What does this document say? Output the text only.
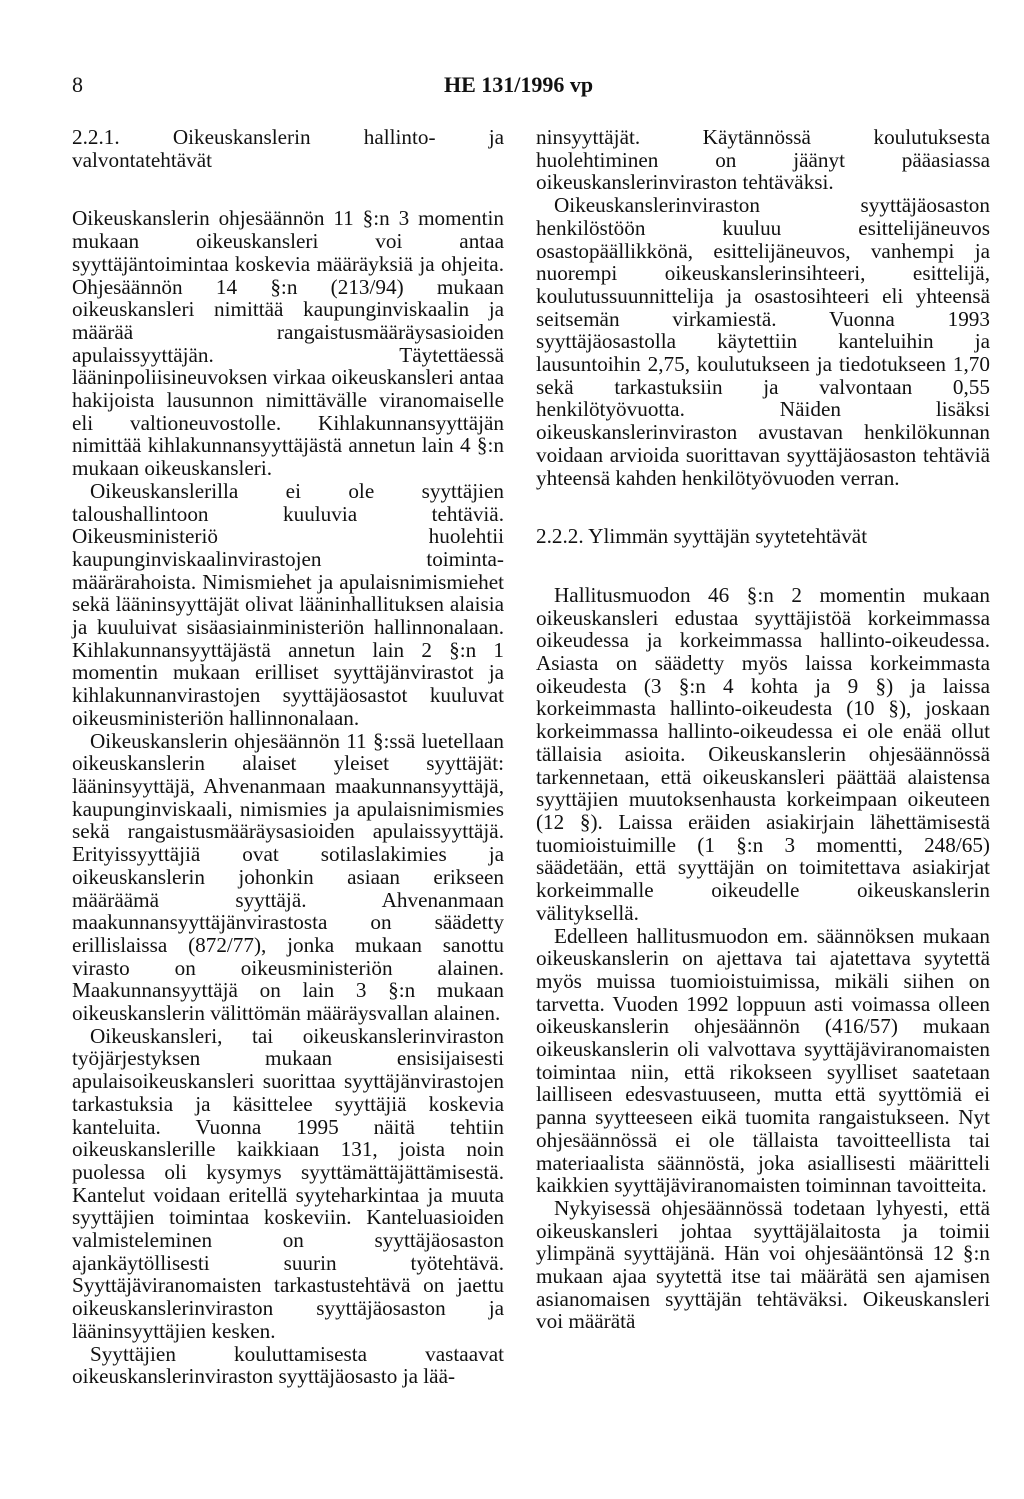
8	HE 131/1996 vp
2.2.1. Oikeuskanslerin hallinto- ja valvontatehtävät

Oikeuskanslerin ohjesäännön 11 §:n 3 momentin mukaan oikeuskansleri voi antaa syyttäjäntoimintaa koskevia määräyksiä ja ohjeita. Ohjesäännön 14 §:n (213/94) mukaan oikeuskansleri nimittää kaupunginviskaalin ja määrää rangaistusmääräysasioiden apulaissyyttäjän. Täytettäessä lääninpoliisineuvoksen virkaa oikeuskansleri antaa hakijoista lausunnon nimittävälle viranomaiselle eli valtioneuvostolle. Kihlakunnansyyttäjän nimittää kihlakunnansyyttäjästä annetun lain 4 §:n mukaan oikeuskansleri.

Oikeuskanslerilla ei ole syyttäjien taloushallintoon kuuluvia tehtäviä. Oikeusministeriö huolehtii kaupunginviskaalinvirastojen toiminta-määrärahoista. Nimismiehet ja apulaisnimismiehet sekä lääninsyyttäjät olivat lääninhallituksen alaisia ja kuuluivat sisäasiainministeriön hallinnonalaan. Kihlakunnansyyttäjästä annetun lain 2 §:n 1 momentin mukaan erilliset syyttäjänvirastot ja kihlakunnanvirastojen syyttäjäosastot kuuluvat oikeusministeriön hallinnonalaan.

Oikeuskanslerin ohjesäännön 11 §:ssä luetellaan oikeuskanslerin alaiset yleiset syyttäjät: lääninsyyttäjä, Ahvenanmaan maakunnansyyttäjä, kaupunginviskaali, nimismies ja apulaisnimismies sekä rangaistusmääräysasioiden apulaissyyttäjä. Erityissyyttäjiä ovat sotilaslakimies ja oikeuskanslerin johonkin asiaan erikseen määräämä syyttäjä. Ahvenanmaan maakunnansyyttäjänvirastosta on säädetty erillislaissa (872/77), jonka mukaan sanottu virasto on oikeusministeriön alainen. Maakunnansyyttäjä on lain 3 §:n mukaan oikeuskanslerin välittömän määräysvallan alainen.

Oikeuskansleri, tai oikeuskanslerinviraston työjärjestyksen mukaan ensisijaisesti apulaisoikeuskansleri suorittaa syyttäjänvirastojen tarkastuksia ja käsittelee syyttäjiä koskevia kanteluita. Vuonna 1995 näitä tehtiin oikeuskanslerille kaikkiaan 131, joista noin puolessa oli kysymys syyttämättäjättämisestä. Kantelut voidaan eritellä syyteharkintaa ja muuta syyttäjien toimintaa koskeviin. Kanteluasioiden valmisteleminen on syyttäjäosaston ajankäytöllisesti suurin työtehtävä. Syyttäjäviranomaisten tarkastustehtävä on jaettu oikeuskanslerinviraston syyttäjäosaston ja lääninsyyttäjien kesken.

Syyttäjien kouluttamisesta vastaavat oikeuskanslerinviraston syyttäjäosasto ja lää-

ninsyyttäjät. Käytännössä koulutuksesta huolehtiminen on jäänyt pääasiassa oikeuskanslerinviraston tehtäväksi.

Oikeuskanslerinviraston syyttäjäosaston henkilöstöön kuuluu esittelijäneuvos osastopäällikkönä, esittelijäneuvos, vanhempi ja nuorempi oikeuskanslerinsihteeri, esittelijä, koulutussuunnittelija ja osastosihteeri eli yhteensä seitsemän virkamiestä. Vuonna 1993 syyttäjäosastolla käytettiin kanteluihin ja lausuntoihin 2,75, koulutukseen ja tiedotukseen 1,70 sekä tarkastuksiin ja valvontaan 0,55 henkilötyövuotta. Näiden lisäksi oikeuskanslerinviraston avustavan henkilökunnan voidaan arvioida suorittavan syyttäjäosaston tehtäviä yhteensä kahden henkilötyövuoden verran.

2.2.2. Ylimmän syyttäjän syytetehtävät

Hallitusmuodon 46 §:n 2 momentin mukaan oikeuskansleri edustaa syyttäjistöä korkeimmassa oikeudessa ja korkeimmassa hallinto-oikeudessa. Asiasta on säädetty myös laissa korkeimmasta oikeudesta (3 §:n 4 kohta ja 9 §) ja laissa korkeimmasta hallinto-oikeudesta (10 §), joskaan korkeimmassa hallinto-oikeudessa ei ole enää ollut tällaisia asioita. Oikeuskanslerin ohjesäännössä tarkennetaan, että oikeuskansleri päättää alaistensa syyttäjien muutoksenhausta korkeimpaan oikeuteen (12 §). Laissa eräiden asiakirjain lähettämisestä tuomioistuimille (1 §:n 3 momentti, 248/65) säädetään, että syyttäjän on toimitettava asiakirjat korkeimmalle oikeudelle oikeuskanslerin välityksellä.

Edelleen hallitusmuodon em. säännöksen mukaan oikeuskanslerin on ajettava tai ajatettava syytettä myös muissa tuomioistuimissa, mikäli siihen on tarvetta. Vuoden 1992 loppuun asti voimassa olleen oikeuskanslerin ohjesäännön (416/57) mukaan oikeuskanslerin oli valvottava syyttäjäviranomaisten toimintaa niin, että rikokseen syylliset saatetaan lailliseen edesvastuuseen, mutta että syyttömiä ei panna syytteeseen eikä tuomita rangaistukseen. Nyt ohjesäännössä ei ole tällaista tavoitteellista tai materiaalista säännöstä, joka asiallisesti määritteli kaikkien syyttäjäviranomaisten toiminnan tavoitteita.

Nykyisessä ohjesäännössä todetaan lyhyesti, että oikeuskansleri johtaa syyttäjälaitosta ja toimii ylimpänä syyttäjänä. Hän voi ohjesääntönsä 12 §:n mukaan ajaa syytettä itse tai määrätä sen ajamisen asianomaisen syyttäjän tehtäväksi. Oikeuskansleri voi määrätä
